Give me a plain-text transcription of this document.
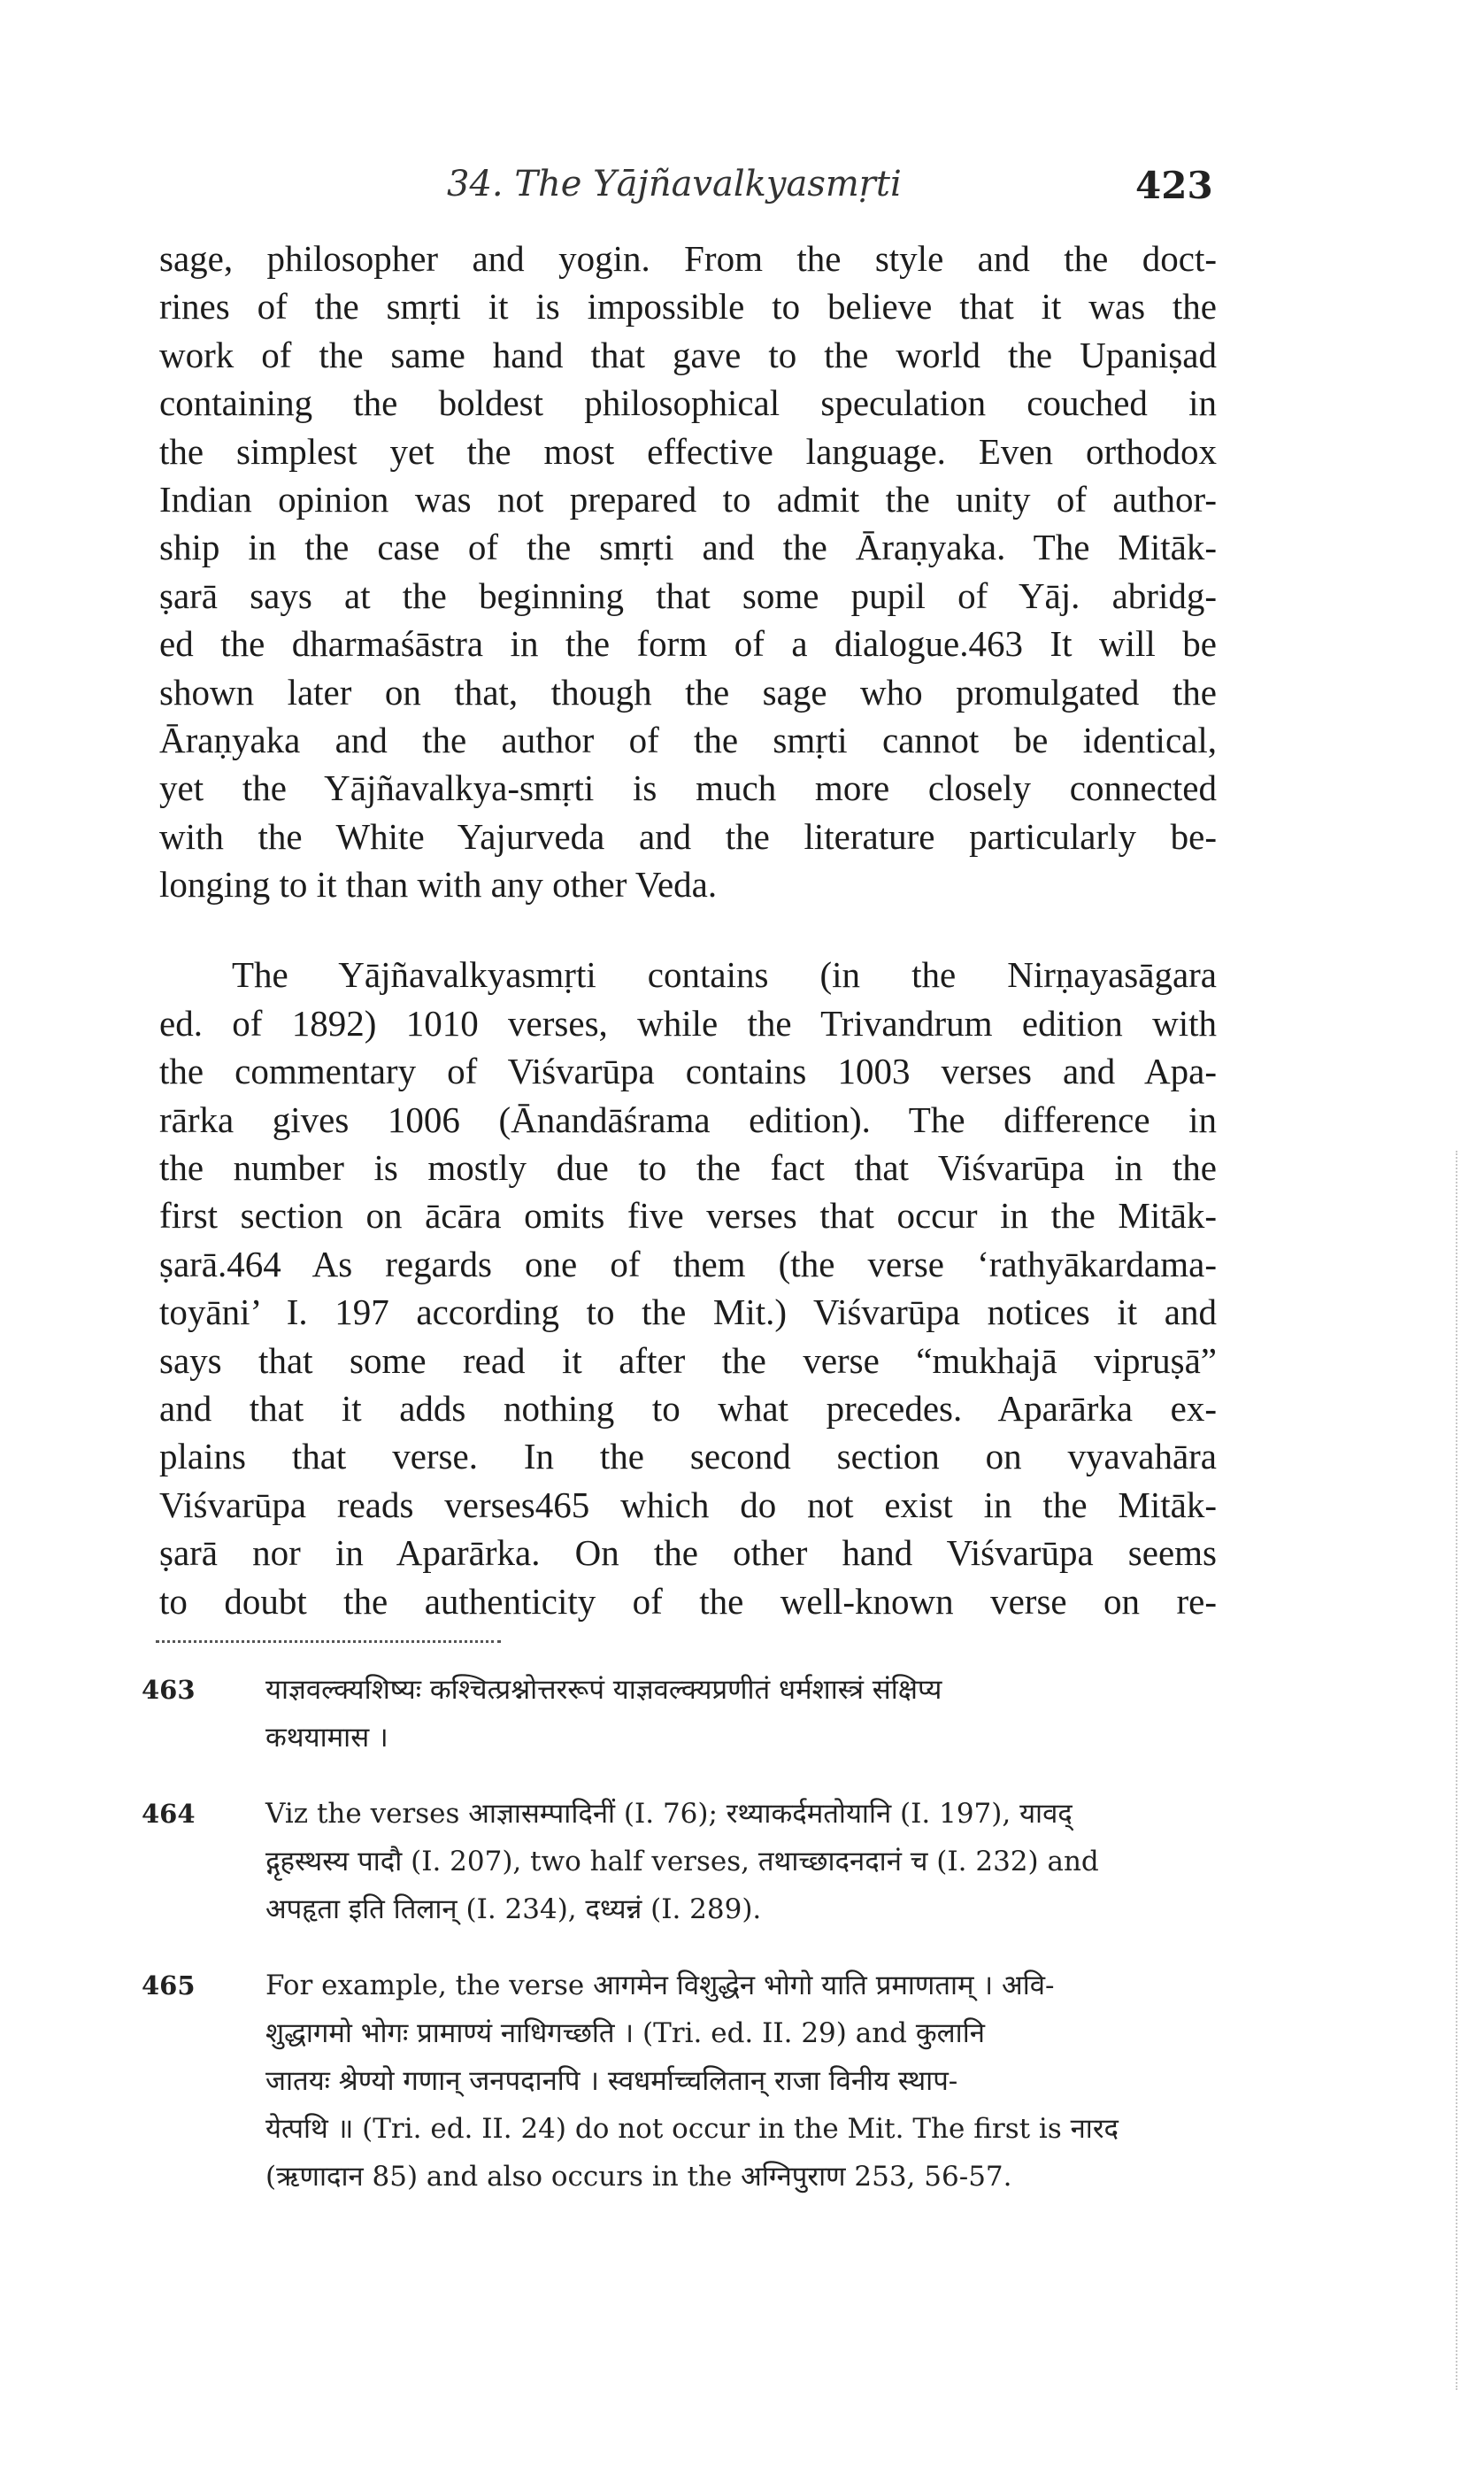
34. The Yājñavalkyasmṛti	423
sage, philosopher and yogin. From the style and the doct-
rines of the smṛti it is impossible to believe that it was the
work of the same hand that gave to the world the Upaniṣad
containing the boldest philosophical speculation couched in
the simplest yet the most effective language. Even orthodox
Indian opinion was not prepared to admit the unity of author-
ship in the case of the smṛti and the Āraṇyaka. The Mitāk-
ṣarā says at the beginning that some pupil of Yāj. abridg-
ed the dharmaśāstra in the form of a dialogue.463 It will be
shown later on that, though the sage who promulgated the
Āraṇyaka and the author of the smṛti cannot be identical,
yet the Yājñavalkya-smṛti is much more closely connected
with the White Yajurveda and the literature particularly be-
longing to it than with any other Veda.
The Yājñavalkyasmṛti contains (in the Nirṇayasāgara
ed. of 1892) 1010 verses, while the Trivandrum edition with
the commentary of Viśvarūpa contains 1003 verses and Apa-
rārka gives 1006 (Ānandāśrama edition). The difference in
the number is mostly due to the fact that Viśvarūpa in the
first section on ācāra omits five verses that occur in the Mitāk-
ṣarā.464 As regards one of them (the verse ‘rathyākardama-
toyāni’ I. 197 according to the Mit.) Viśvarūpa notices it and
says that some read it after the verse “mukhajā vipruṣā”
and that it adds nothing to what precedes. Aparārka ex-
plains that verse. In the second section on vyavahāra
Viśvarūpa reads verses465 which do not exist in the Mitāk-
ṣarā nor in Aparārka. On the other hand Viśvarūpa seems
to doubt the authenticity of the well-known verse on re-
463	याज्ञवल्क्यशिष्यः कश्चित्प्रश्नोत्तररूपं याज्ञवल्क्यप्रणीतं धर्मशास्त्रं संक्षिप्य
कथयामास ।
464	Viz the verses आज्ञासम्पादिनीं (I. 76); रथ्याकर्दमतोयानि (I. 197), यावद्
द्गृहस्थस्य पादौ (I. 207), two half verses, तथाच्छादनदानं च (I. 232) and
अपहृता इति तिलान् (I. 234), दध्यन्नं (I. 289).
465	For example, the verse आगमेन विशुद्धेन भोगो याति प्रमाणताम् । अवि-
शुद्धागमो भोगः प्रामाण्यं नाधिगच्छति । (Tri. ed. II. 29) and कुलानि
जातयः श्रेण्यो गणान् जनपदानपि । स्वधर्माच्चलितान् राजा विनीय स्थाप-
येत्पथि ॥ (Tri. ed. II. 24) do not occur in the Mit. The first is नारद
(ऋणादान 85) and also occurs in the अग्निपुराण 253, 56-57.
